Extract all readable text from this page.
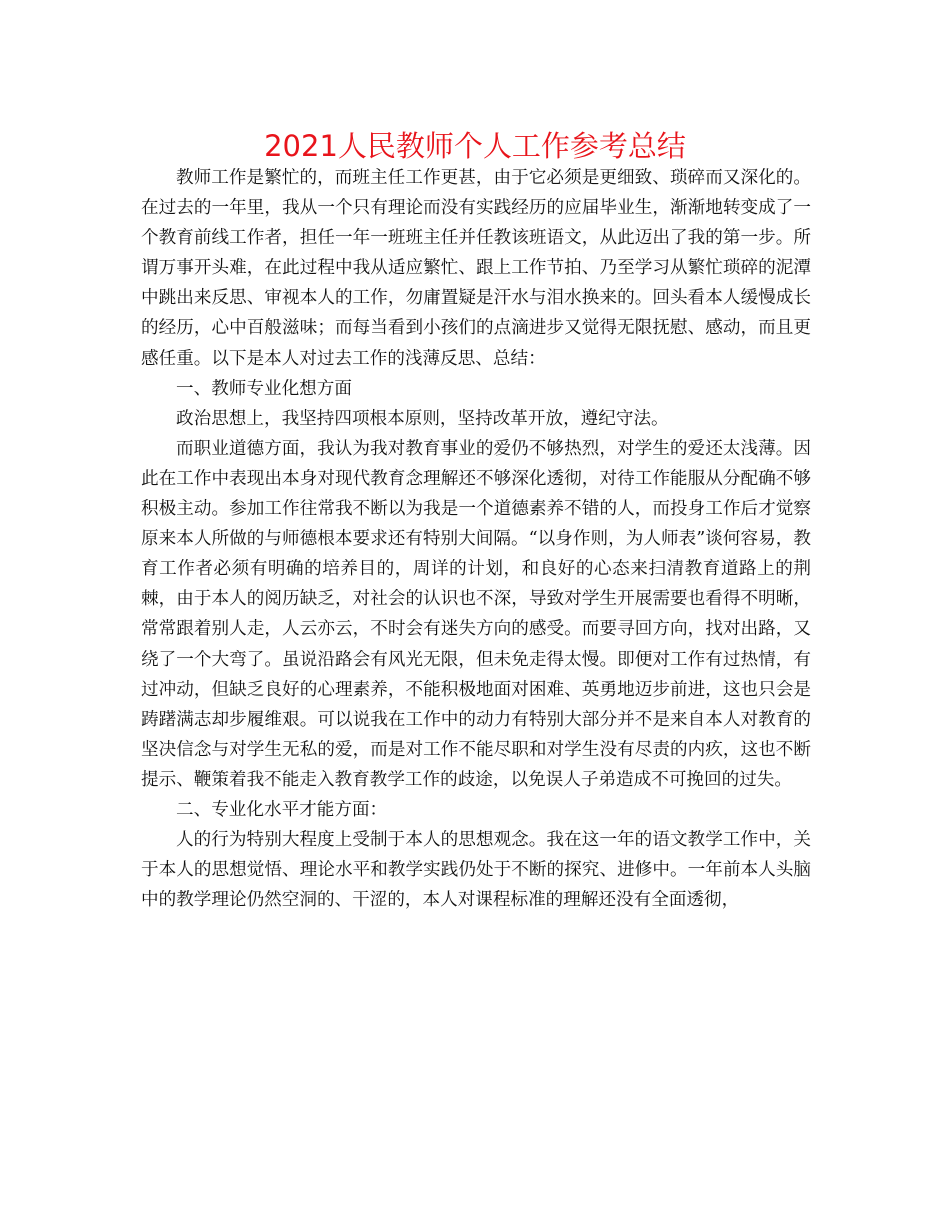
2021人民教师个人工作参考总结

教师工作是繁忙的，而班主任工作更甚，由于它必须是更细致、琐碎而又深化的。在过去的一年里，我从一个只有理论而没有实践经历的应届毕业生，渐渐地转变成了一个教育前线工作者，担任一年一班班主任并任教该班语文，从此迈出了我的第一步。所谓万事开头难，在此过程中我从适应繁忙、跟上工作节拍、乃至学习从繁忙琐碎的泥潭中跳出来反思、审视本人的工作，勿庸置疑是汗水与泪水换来的。回头看本人缓慢成长的经历，心中百般滋味；而每当看到小孩们的点滴进步又觉得无限抚慰、感动，而且更感任重。以下是本人对过去工作的浅薄反思、总结：

一、教师专业化想方面

政治思想上，我坚持四项根本原则，坚持改革开放，遵纪守法。

而职业道德方面，我认为我对教育事业的爱仍不够热烈，对学生的爱还太浅薄。因此在工作中表现出本身对现代教育念理解还不够深化透彻，对待工作能服从分配确不够积极主动。参加工作往常我不断以为我是一个道德素养不错的人，而投身工作后才觉察原来本人所做的与师德根本要求还有特别大间隔。“以身作则，为人师表”谈何容易，教育工作者必须有明确的培养目的，周详的计划，和良好的心态来扫清教育道路上的荆棘，由于本人的阅历缺乏，对社会的认识也不深，导致对学生开展需要也看得不明晰，常常跟着别人走，人云亦云，不时会有迷失方向的感受。而要寻回方向，找对出路，又绕了一个大弯了。虽说沿路会有风光无限，但未免走得太慢。即便对工作有过热情，有过冲动，但缺乏良好的心理素养，不能积极地面对困难、英勇地迈步前进，这也只会是踌躇满志却步履维艰。可以说我在工作中的动力有特别大部分并不是来自本人对教育的坚决信念与对学生无私的爱，而是对工作不能尽职和对学生没有尽责的内疚，这也不断提示、鞭策着我不能走入教育教学工作的歧途，以免误人子弟造成不可挽回的过失。

二、专业化水平才能方面：

人的行为特别大程度上受制于本人的思想观念。我在这一年的语文教学工作中，关于本人的思想觉悟、理论水平和教学实践仍处于不断的探究、进修中。一年前本人头脑中的教学理论仍然空洞的、干涩的，本人对课程标准的理解还没有全面透彻，
